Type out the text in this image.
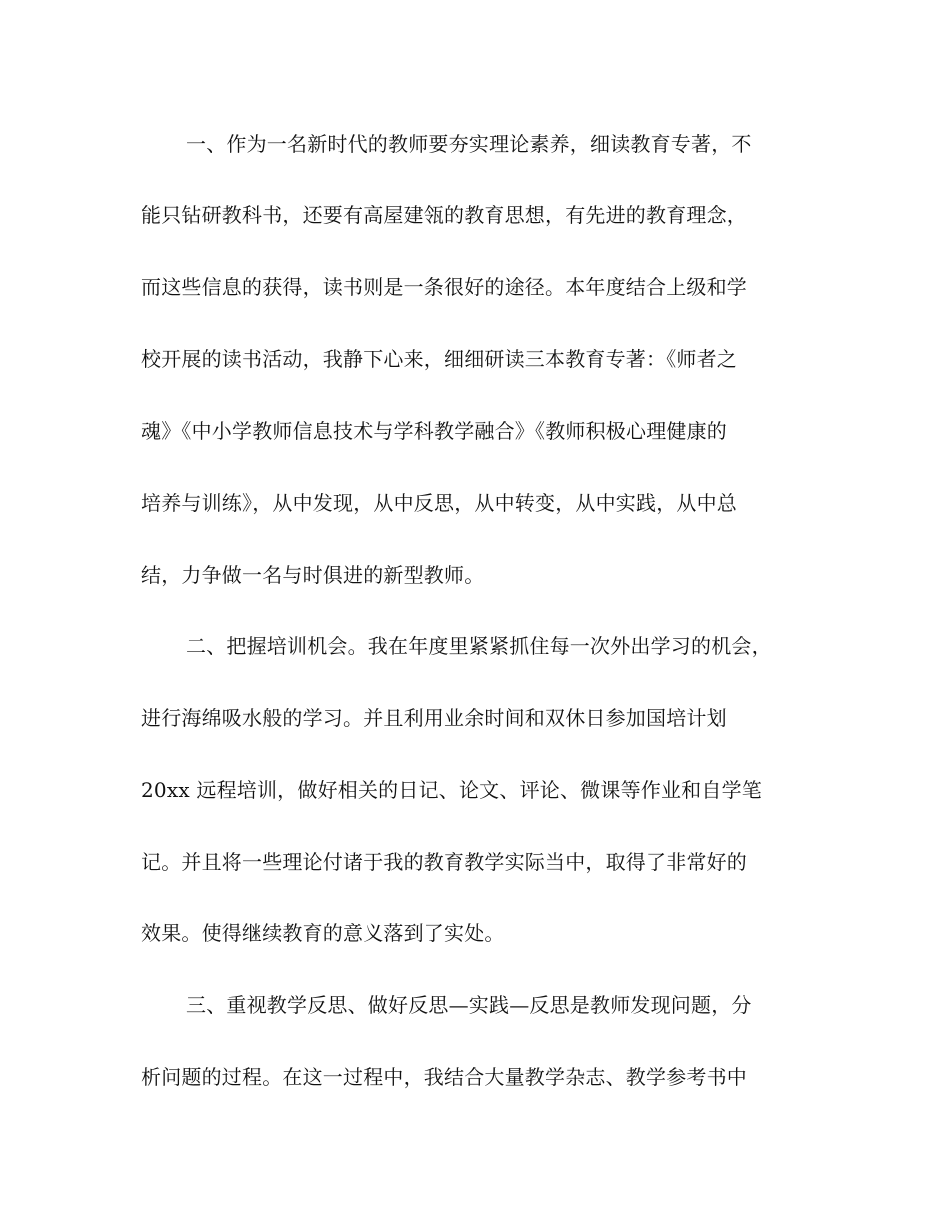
一、作为一名新时代的教师要夯实理论素养，细读教育专著，不
能只钻研教科书，还要有高屋建瓴的教育思想，有先进的教育理念，
而这些信息的获得，读书则是一条很好的途径。本年度结合上级和学
校开展的读书活动，我静下心来，细细研读三本教育专著：《师者之
魂》《中小学教师信息技术与学科教学融合》《教师积极心理健康的
培养与训练》，从中发现，从中反思，从中转变，从中实践，从中总
结，力争做一名与时俱进的新型教师。
二、把握培训机会。我在年度里紧紧抓住每一次外出学习的机会，
进行海绵吸水般的学习。并且利用业余时间和双休日参加国培计划
20xx 远程培训，做好相关的日记、论文、评论、微课等作业和自学笔
记。并且将一些理论付诸于我的教育教学实际当中，取得了非常好的
效果。使得继续教育的意义落到了实处。
三、重视教学反思、做好反思—实践—反思是教师发现问题，分
析问题的过程。在这一过程中，我结合大量教学杂志、教学参考书中
